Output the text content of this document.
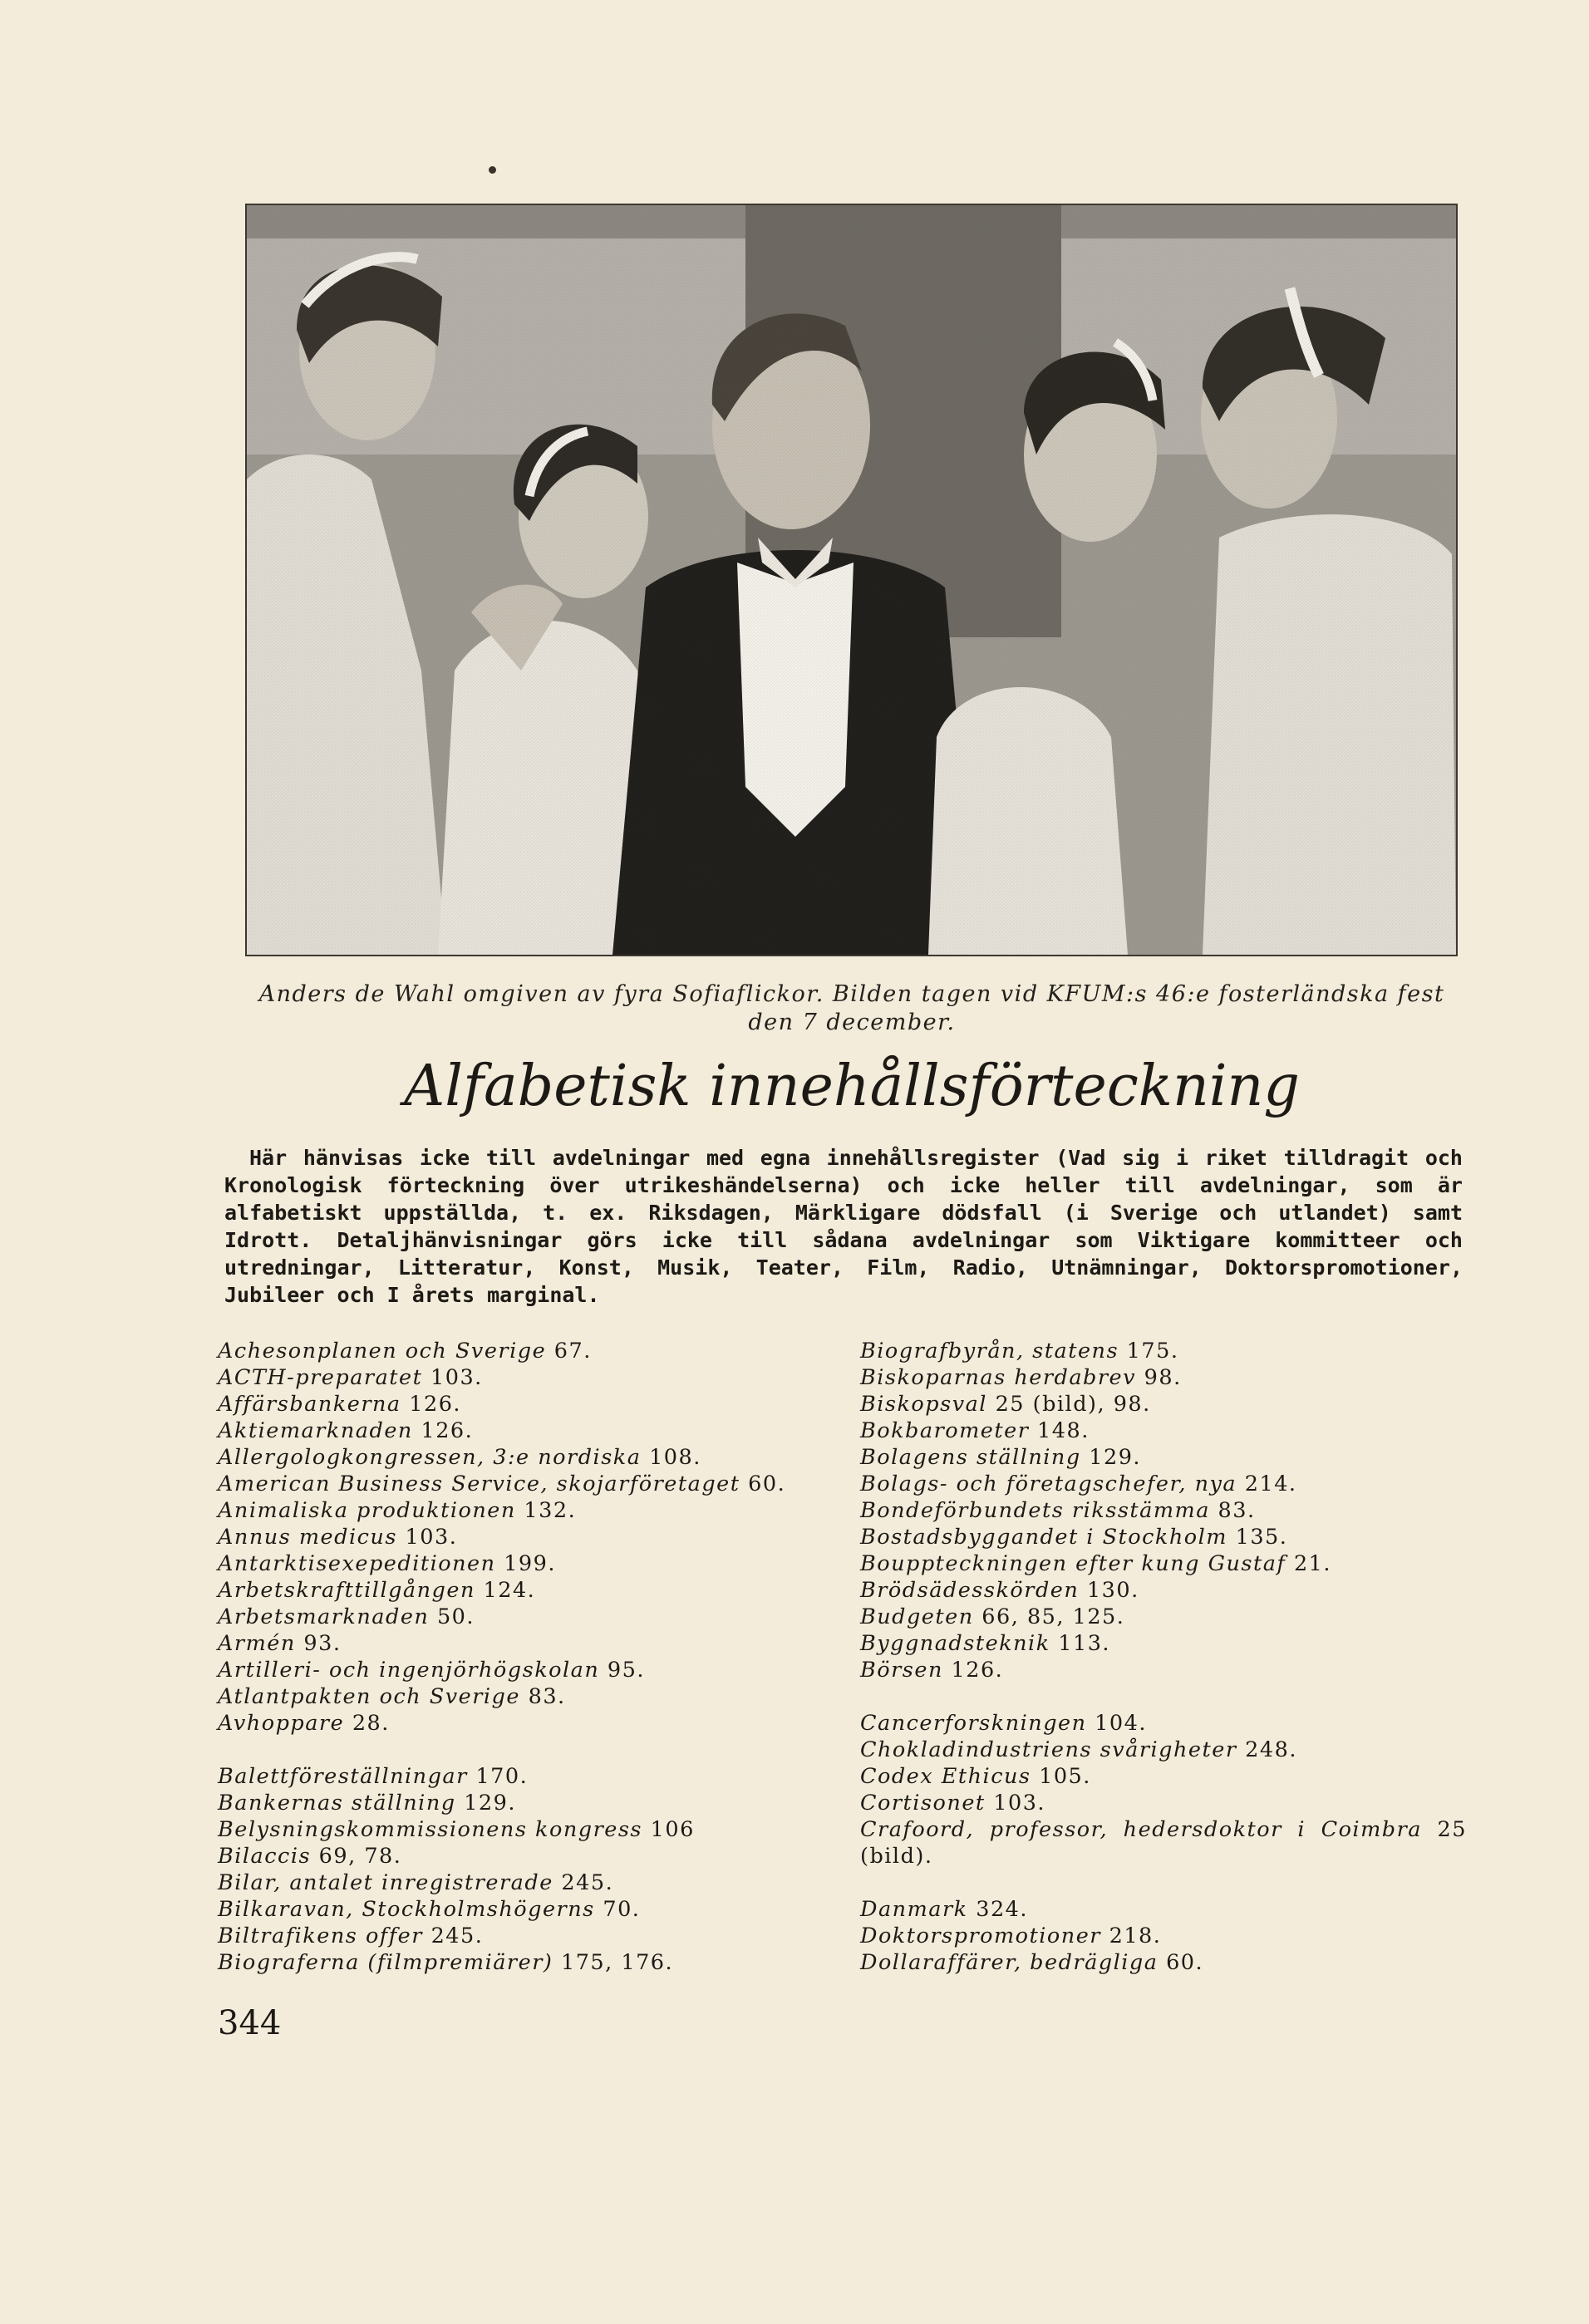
Anders de Wahl omgiven av fyra Sofiaflickor. Bilden tagen vid KFUM:s 46:e fosterländska fest den 7 december.
Alfabetisk innehållsförteckning

Här hänvisas icke till avdelningar med egna innehållsregister (Vad sig i riket tilldragit och Kronologisk förteckning över utrikeshändelserna) och icke heller till avdelningar, som är alfabetiskt uppställda, t. ex. Riksdagen, Märkligare dödsfall (i Sverige och utlandet) samt Idrott. Detaljhänvisningar görs icke till sådana avdelningar som Viktigare kommitteer och utredningar, Litteratur, Konst, Musik, Teater, Film, Radio, Utnämningar, Doktorspromotioner, Jubileer och I årets marginal.

Achesonplanen och Sverige 67.
ACTH-preparatet 103.
Affärsbankerna 126.
Aktiemarknaden 126.
Allergologkongressen, 3:e nordiska 108.
American Business Service, skojarföretaget 60.
Animaliska produktionen 132.
Annus medicus 103.
Antarktisexepeditionen 199.
Arbetskrafttillgången 124.
Arbetsmarknaden 50.
Armén 93.
Artilleri- och ingenjörhögskolan 95.
Atlantpakten och Sverige 83.
Avhoppare 28.
Balettföreställningar 170.
Bankernas ställning 129.
Belysningskommissionens kongress 106
Bilaccis 69, 78.
Bilar, antalet inregistrerade 245.
Bilkaravan, Stockholmshögerns 70.
Biltrafikens offer 245.
Biograferna (filmpremiärer) 175, 176.
Biografbyrån, statens 175.
Biskoparnas herdabrev 98.
Biskopsval 25 (bild), 98.
Bokbarometer 148.
Bolagens ställning 129.
Bolags- och företagschefer, nya 214.
Bondeförbundets riksstämma 83.
Bostadsbyggandet i Stockholm 135.
Bouppteckningen efter kung Gustaf 21.
Brödsädesskörden 130.
Budgeten 66, 85, 125.
Byggnadsteknik 113.
Börsen 126.
Cancerforskningen 104.
Chokladindustriens svårigheter 248.
Codex Ethicus 105.
Cortisonet 103.
Crafoord, professor, hedersdoktor i Coimbra 25 (bild).
Danmark 324.
Doktorspromotioner 218.
Dollaraffärer, bedrägliga 60.
344
